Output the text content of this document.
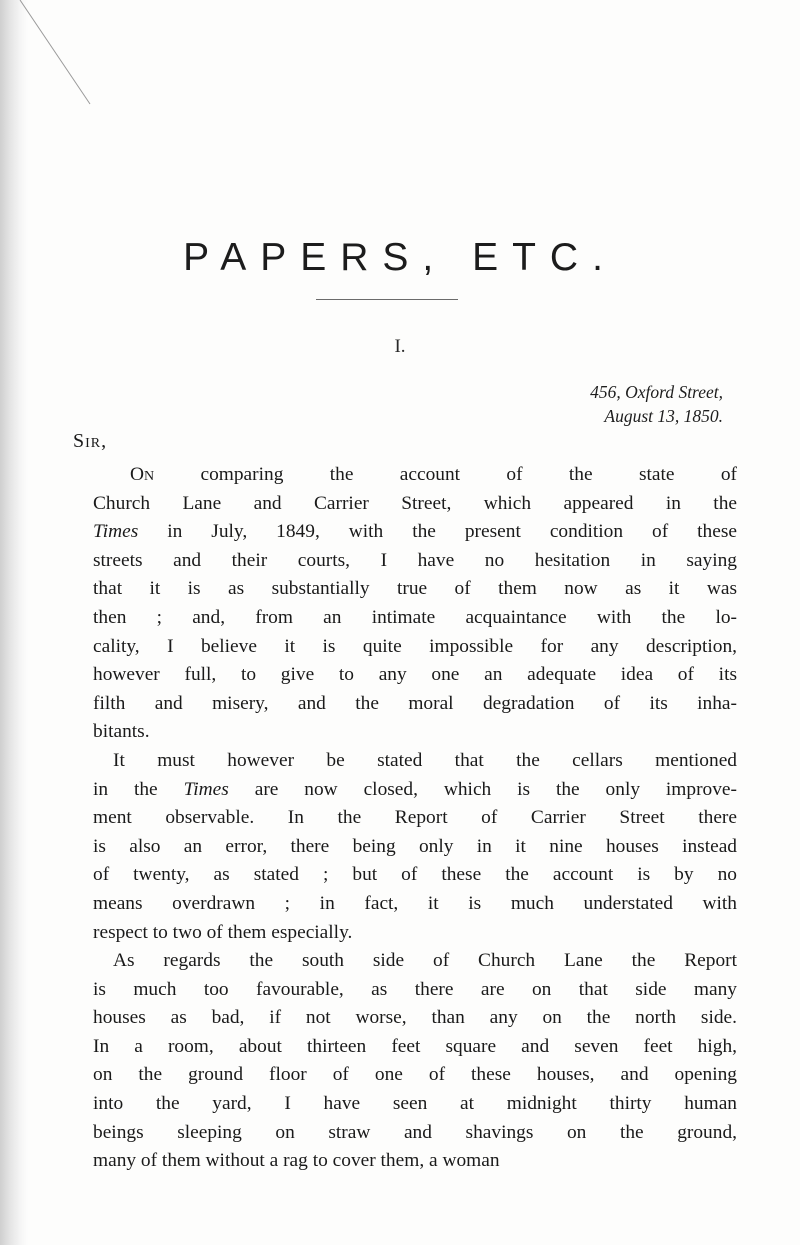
PAPERS, ETC.
I.
456, Oxford Street,
August 13, 1850.
Sir,
On comparing the account of the state of
Church Lane and Carrier Street, which appeared in the
Times in July, 1849, with the present condition of these
streets and their courts, I have no hesitation in saying
that it is as substantially true of them now as it was
then ; and, from an intimate acquaintance with the lo-
cality, I believe it is quite impossible for any description,
however full, to give to any one an adequate idea of its
filth and misery, and the moral degradation of its inha-
bitants.
It must however be stated that the cellars mentioned
in the Times are now closed, which is the only improve-
ment observable. In the Report of Carrier Street there
is also an error, there being only in it nine houses instead
of twenty, as stated ; but of these the account is by no
means overdrawn ; in fact, it is much understated with
respect to two of them especially.
As regards the south side of Church Lane the Report
is much too favourable, as there are on that side many
houses as bad, if not worse, than any on the north side.
In a room, about thirteen feet square and seven feet high,
on the ground floor of one of these houses, and opening
into the yard, I have seen at midnight thirty human
beings sleeping on straw and shavings on the ground,
many of them without a rag to cover them, a woman
